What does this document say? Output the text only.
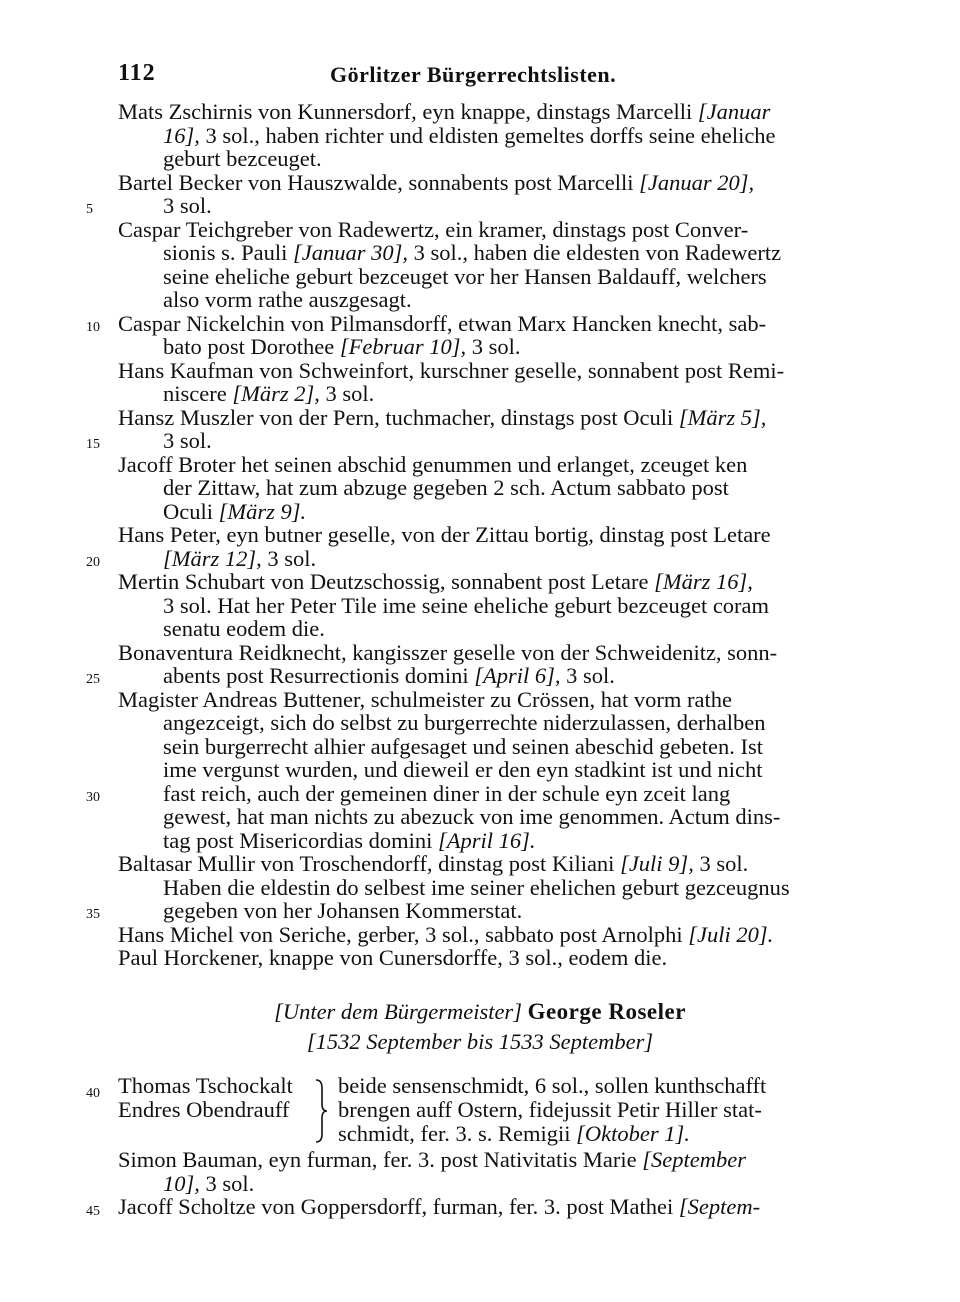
112	Görlitzer Bürgerrechtslisten.
5
10
15
20
25
30
35
40
45
Mats Zschirnis von Kunnersdorf, eyn knappe, dinstags Marcelli [Januar
16], 3 sol., haben richter und eldisten gemeltes dorffs seine eheliche
geburt bezceuget.
Bartel Becker von Hauszwalde, sonnabents post Marcelli [Januar 20],
3 sol.
Caspar Teichgreber von Radewertz, ein kramer, dinstags post Conver-
sionis s. Pauli [Januar 30], 3 sol., haben die eldesten von Radewertz
seine eheliche geburt bezceuget vor her Hansen Baldauff, welchers
also vorm rathe auszgesagt.
Caspar Nickelchin von Pilmansdorff, etwan Marx Hancken knecht, sab-
bato post Dorothee [Februar 10], 3 sol.
Hans Kaufman von Schweinfort, kurschner geselle, sonnabent post Remi-
niscere [März 2], 3 sol.
Hansz Muszler von der Pern, tuchmacher, dinstags post Oculi [März 5],
3 sol.
Jacoff Broter het seinen abschid genummen und erlanget, zceuget ken
der Zittaw, hat zum abzuge gegeben 2 sch. Actum sabbato post
Oculi [März 9].
Hans Peter, eyn butner geselle, von der Zittau bortig, dinstag post Letare
[März 12], 3 sol.
Mertin Schubart von Deutzschossig, sonnabent post Letare [März 16],
3 sol. Hat her Peter Tile ime seine eheliche geburt bezceuget coram
senatu eodem die.
Bonaventura Reidknecht, kangisszer geselle von der Schweidenitz, sonn-
abents post Resurrectionis domini [April 6], 3 sol.
Magister Andreas Buttener, schulmeister zu Crössen, hat vorm rathe
angezceigt, sich do selbst zu burgerrechte niderzulassen, derhalben
sein burgerrecht alhier aufgesaget und seinen abeschid gebeten. Ist
ime vergunst wurden, und dieweil er den eyn stadkint ist und nicht
fast reich, auch der gemeinen diner in der schule eyn zceit lang
gewest, hat man nichts zu abezuck von ime genommen. Actum dins-
tag post Misericordias domini [April 16].
Baltasar Mullir von Troschendorff, dinstag post Kiliani [Juli 9], 3 sol.
Haben die eldestin do selbest ime seiner ehelichen geburt gezceugnus
gegeben von her Johansen Kommerstat.
Hans Michel von Seriche, gerber, 3 sol., sabbato post Arnolphi [Juli 20].
Paul Horckener, knappe von Cunersdorffe, 3 sol., eodem die.
[Unter dem Bürgermeister] George Roseler
[1532 September bis 1533 September]
Thomas Tschockalt
Endres Obendrauff
beide sensenschmidt, 6 sol., sollen kunthschafft
brengen auff Ostern, fidejussit Petir Hiller stat-
schmidt, fer. 3. s. Remigii [Oktober 1].
Simon Bauman, eyn furman, fer. 3. post Nativitatis Marie [September
10], 3 sol.
Jacoff Scholtze von Goppersdorff, furman, fer. 3. post Mathei [Septem-
